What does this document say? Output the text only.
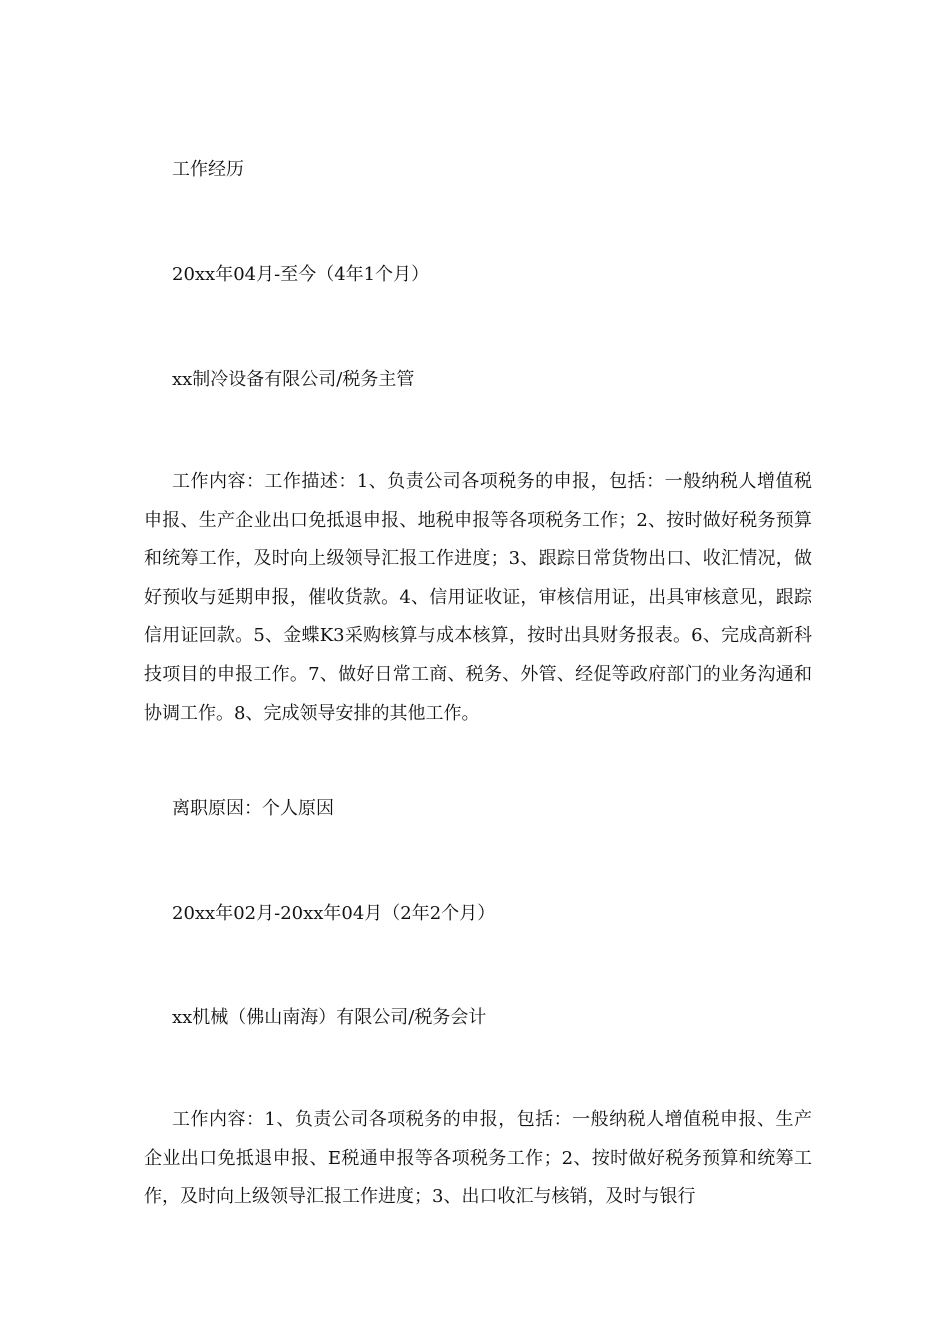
工作经历
20xx年04月-至今（4年1个月）
xx制冷设备有限公司/税务主管

工作内容：工作描述：1、负责公司各项税务的申报，包括：一般纳税人增值税申报、生产企业出口免抵退申报、地税申报等各项税务工作；2、按时做好税务预算和统筹工作，及时向上级领导汇报工作进度；3、跟踪日常货物出口、收汇情况，做好预收与延期申报，催收货款。4、信用证收证，审核信用证，出具审核意见，跟踪信用证回款。5、金蝶K3采购核算与成本核算，按时出具财务报表。6、完成高新科技项目的申报工作。7、做好日常工商、税务、外管、经促等政府部门的业务沟通和协调工作。8、完成领导安排的其他工作。

离职原因：个人原因
20xx年02月-20xx年04月（2年2个月）
xx机械（佛山南海）有限公司/税务会计

工作内容：1、负责公司各项税务的申报，包括：一般纳税人增值税申报、生产企业出口免抵退申报、E税通申报等各项税务工作；2、按时做好税务预算和统筹工作，及时向上级领导汇报工作进度；3、出口收汇与核销，及时与银行
